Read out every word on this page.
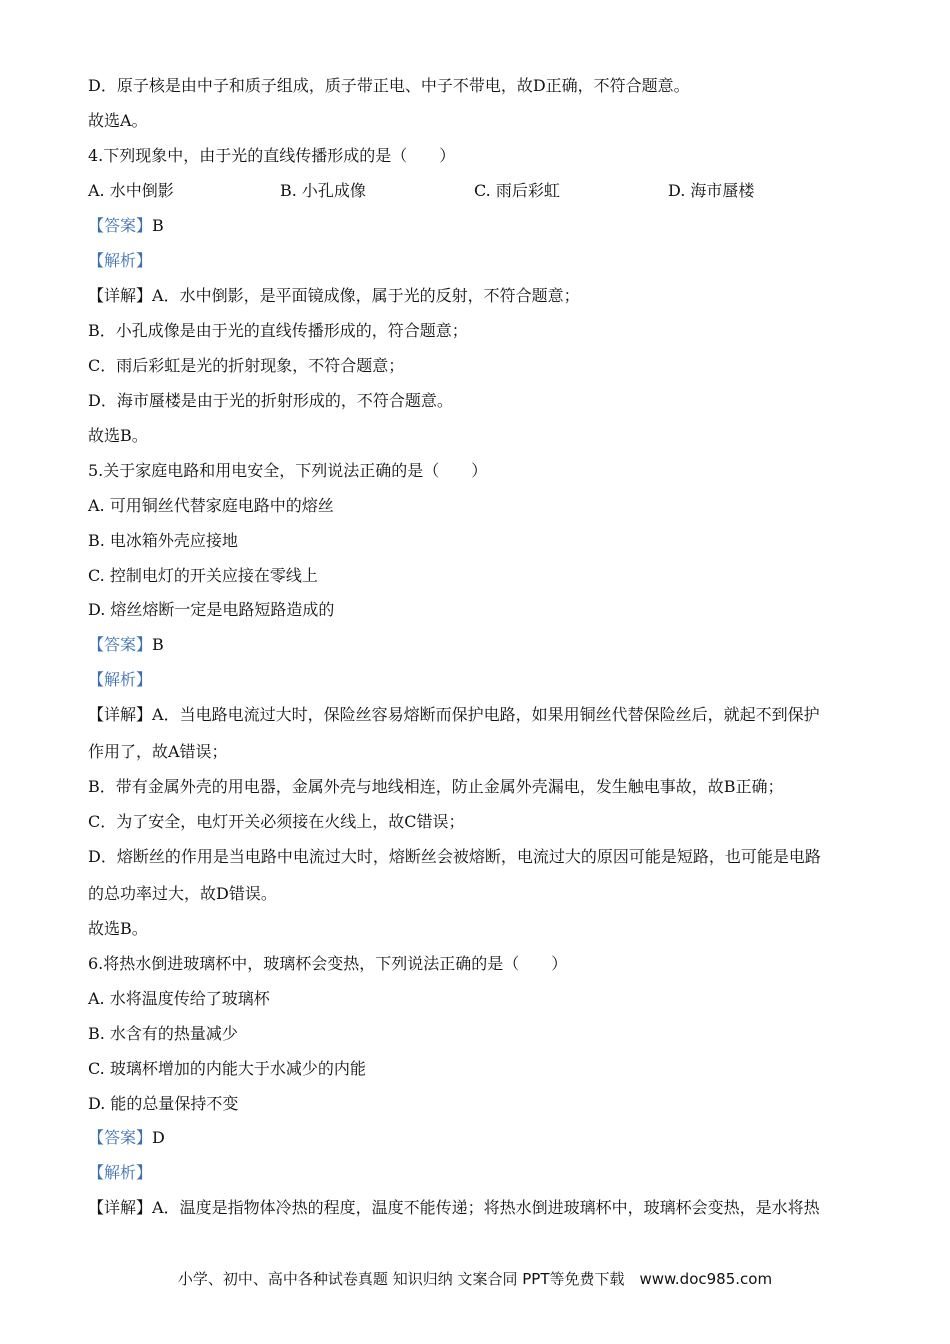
D．原子核是由中子和质子组成，质子带正电、中子不带电，故D正确，不符合题意。
故选A。
4.下列现象中，由于光的直线传播形成的是（　　）
A. 水中倒影	B. 小孔成像	C. 雨后彩虹	D. 海市蜃楼
【答案】B
【解析】
【详解】A．水中倒影，是平面镜成像，属于光的反射，不符合题意；
B．小孔成像是由于光的直线传播形成的，符合题意；
C．雨后彩虹是光的折射现象，不符合题意；
D．海市蜃楼是由于光的折射形成的，不符合题意。
故选B。
5.关于家庭电路和用电安全，下列说法正确的是（　　）
A. 可用铜丝代替家庭电路中的熔丝
B. 电冰箱外壳应接地
C. 控制电灯的开关应接在零线上
D. 熔丝熔断一定是电路短路造成的
【答案】B
【解析】
【详解】A．当电路电流过大时，保险丝容易熔断而保护电路，如果用铜丝代替保险丝后，就起不到保护
作用了，故A错误；
B．带有金属外壳的用电器，金属外壳与地线相连，防止金属外壳漏电，发生触电事故，故B正确；
C．为了安全，电灯开关必须接在火线上，故C错误；
D．熔断丝的作用是当电路中电流过大时，熔断丝会被熔断，电流过大的原因可能是短路，也可能是电路
的总功率过大，故D错误。
故选B。
6.将热水倒进玻璃杯中，玻璃杯会变热，下列说法正确的是（　　）
A. 水将温度传给了玻璃杯
B. 水含有的热量减少
C. 玻璃杯增加的内能大于水减少的内能
D. 能的总量保持不变
【答案】D
【解析】
【详解】A．温度是指物体冷热的程度，温度不能传递；将热水倒进玻璃杯中，玻璃杯会变热，是水将热
小学、初中、高中各种试卷真题 知识归纳 文案合同 PPT等免费下载　www.doc985.com
